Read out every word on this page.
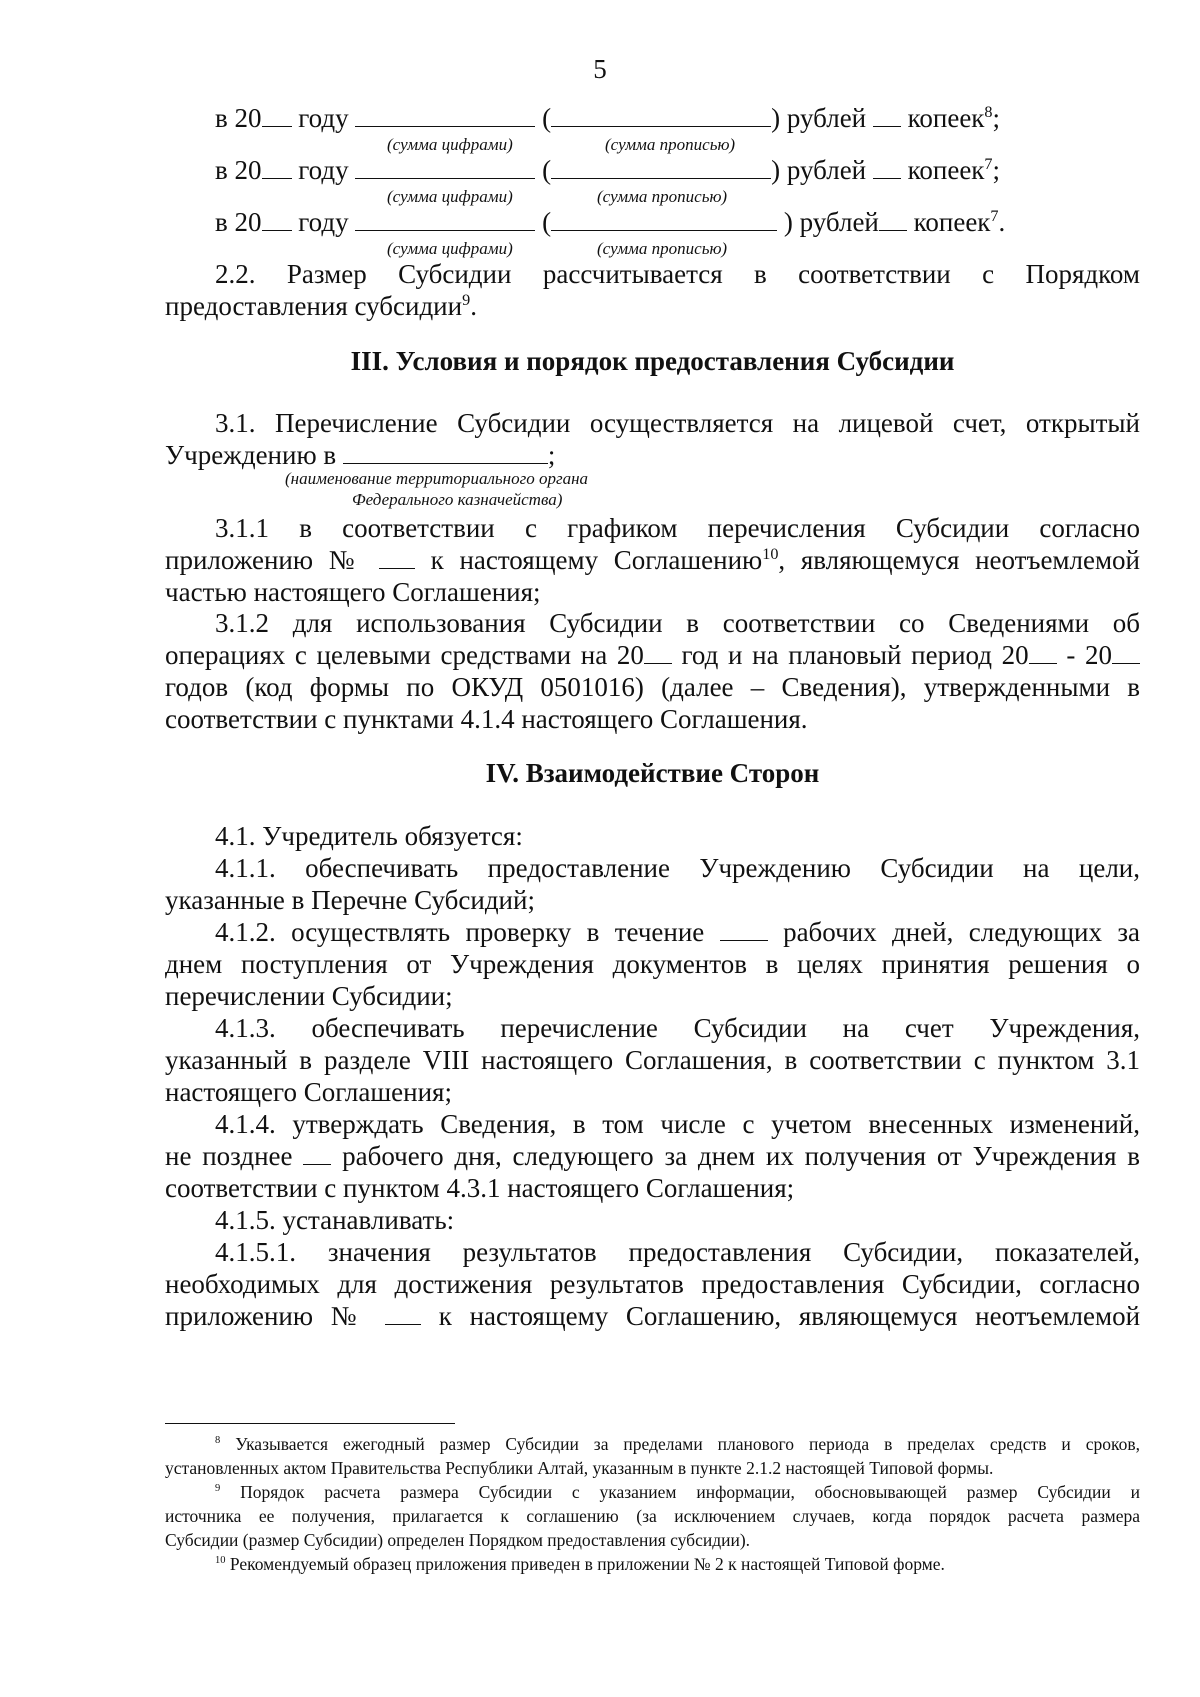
5
в 20 году	(	) рублей копеек$^8$;
(сумма цифрами)	(сумма прописью)
в 20 году	(	) рублей копеек$^7$;
(сумма цифрами)	(сумма прописью)
в 20 году	(	) рублей копеек$^7$.
(сумма цифрами)	(сумма прописью)
2.2. Размер Субсидии рассчитывается в соответствии с Порядком
предоставления субсидии$^9$.
III. Условия и порядок предоставления Субсидии
3.1. Перечисление Субсидии осуществляется на лицевой счет, открытый
Учреждению в	;
(наименование территориального органа
Федерального казначейства)
3.1.1 в соответствии с графиком перечисления Субсидии согласно
приложению № к настоящему Соглашению$^{10}$, являющемуся неотъемлемой
частью настоящего Соглашения;
3.1.2 для использования Субсидии в соответствии со Сведениями об
операциях с целевыми средствами на 20 год и на плановый период 20 - 20
годов (код формы по ОКУД 0501016) (далее – Сведения), утвержденными в
соответствии с пунктами 4.1.4 настоящего Соглашения.
IV. Взаимодействие Сторон
4.1. Учредитель обязуется:
4.1.1. обеспечивать предоставление Учреждению Субсидии на цели,
указанные в Перечне Субсидий;
4.1.2. осуществлять проверку в течение	рабочих дней, следующих за
днем поступления от Учреждения документов в целях принятия решения о
перечислении Субсидии;
4.1.3. обеспечивать перечисление Субсидии на счет Учреждения,
указанный в разделе VIII настоящего Соглашения, в соответствии с пунктом 3.1
настоящего Соглашения;
4.1.4. утверждать Сведения, в том числе с учетом внесенных изменений,
не позднее рабочего дня, следующего за днем их получения от Учреждения в
соответствии с пунктом 4.3.1 настоящего Соглашения;
4.1.5. устанавливать:
4.1.5.1. значения результатов предоставления Субсидии, показателей,
необходимых для достижения результатов предоставления Субсидии, согласно
приложению №	к настоящему Соглашению, являющемуся неотъемлемой
$^8$ Указывается ежегодный размер Субсидии за пределами планового периода в пределах средств и сроков,
установленных актом Правительства Республики Алтай, указанным в пункте 2.1.2 настоящей Типовой формы.
$^9$ Порядок расчета размера Субсидии с указанием информации, обосновывающей размер Субсидии и
источника ее получения, прилагается к соглашению (за исключением случаев, когда порядок расчета размера
Субсидии (размер Субсидии) определен Порядком предоставления субсидии).
$^{10}$ Рекомендуемый образец приложения приведен в приложении № 2 к настоящей Типовой форме.
